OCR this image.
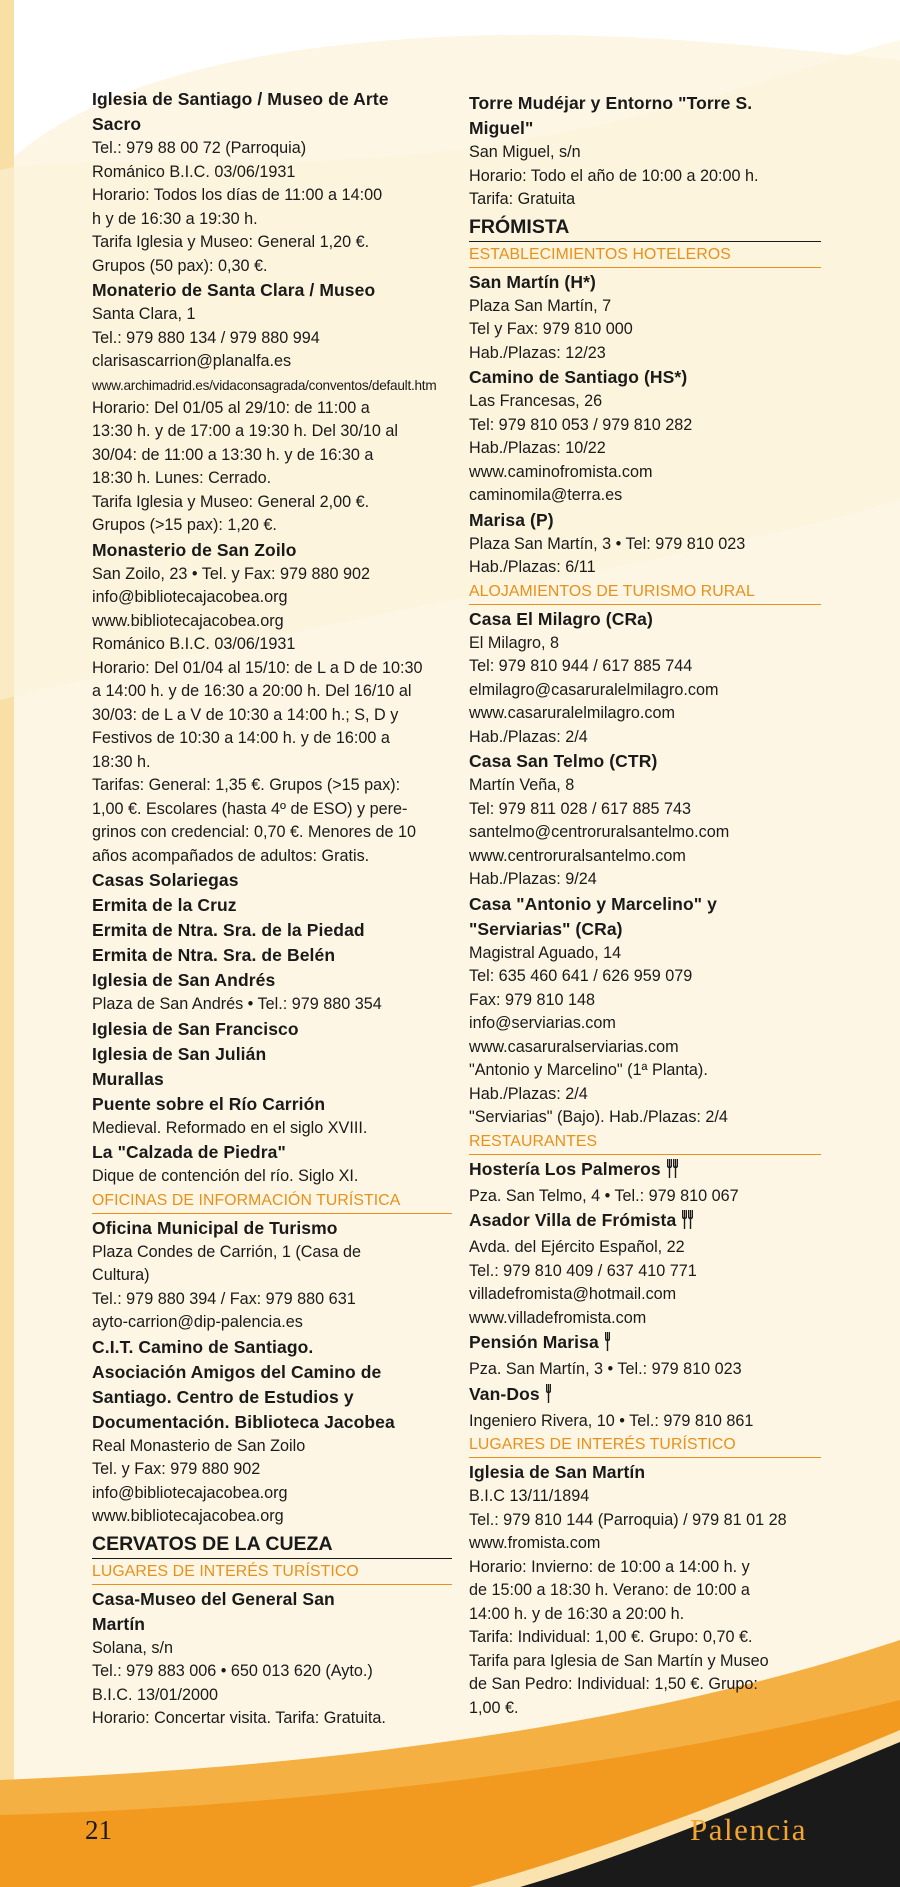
Iglesia de Santiago / Museo de Arte
Sacro
Tel.: 979 88 00 72 (Parroquia)
Románico B.I.C. 03/06/1931
Horario: Todos los días de 11:00 a 14:00
h y de 16:30 a 19:30 h.
Tarifa Iglesia y Museo: General 1,20 €.
Grupos (50 pax): 0,30 €.
Monaterio de Santa Clara / Museo
Santa Clara, 1
Tel.: 979 880 134 / 979 880 994
clarisascarrion@planalfa.es
www.archimadrid.es/vidaconsagrada/conventos/default.htm
Horario: Del 01/05 al 29/10: de 11:00 a
13:30 h. y de 17:00 a 19:30 h. Del 30/10 al
30/04: de 11:00 a 13:30 h. y de 16:30 a
18:30 h. Lunes: Cerrado.
Tarifa Iglesia y Museo: General 2,00 €.
Grupos (>15 pax): 1,20 €.
Monasterio de San Zoilo
San Zoilo, 23 • Tel. y Fax: 979 880 902
info@bibliotecajacobea.org
www.bibliotecajacobea.org
Románico B.I.C. 03/06/1931
Horario: Del 01/04 al 15/10: de L a D de 10:30
a 14:00 h. y de 16:30 a 20:00 h. Del 16/10 al
30/03: de L a V de 10:30 a 14:00 h.; S, D y
Festivos de 10:30 a 14:00 h. y de 16:00 a
18:30 h.
Tarifas: General: 1,35 €. Grupos (>15 pax):
1,00 €. Escolares (hasta 4º de ESO) y pere-
grinos con credencial: 0,70 €. Menores de 10
años acompañados de adultos: Gratis.
Casas Solariegas
Ermita de la Cruz
Ermita de Ntra. Sra. de la Piedad
Ermita de Ntra. Sra. de Belén
Iglesia de San Andrés
Plaza de San Andrés • Tel.: 979 880 354
Iglesia de San Francisco
Iglesia de San Julián
Murallas
Puente sobre el Río Carrión
Medieval. Reformado en el siglo XVIII.
La "Calzada de Piedra"
Dique de contención del río. Siglo XI.
OFICINAS DE INFORMACIÓN TURÍSTICA
Oficina Municipal de Turismo
Plaza Condes de Carrión, 1 (Casa de
Cultura)
Tel.: 979 880 394 / Fax: 979 880 631
ayto-carrion@dip-palencia.es
C.I.T. Camino de Santiago.
Asociación Amigos del Camino de
Santiago. Centro de Estudios y
Documentación. Biblioteca Jacobea
Real Monasterio de San Zoilo
Tel. y Fax: 979 880 902
info@bibliotecajacobea.org
www.bibliotecajacobea.org
CERVATOS DE LA CUEZA
LUGARES DE INTERÉS TURÍSTICO
Casa-Museo del General San
Martín
Solana, s/n
Tel.: 979 883 006 • 650 013 620 (Ayto.)
B.I.C. 13/01/2000
Horario: Concertar visita. Tarifa: Gratuita.
Torre Mudéjar y Entorno "Torre S.
Miguel"
San Miguel, s/n
Horario: Todo el año de 10:00 a 20:00 h.
Tarifa: Gratuita
FRÓMISTA
ESTABLECIMIENTOS HOTELEROS
San Martín (H*)
Plaza San Martín, 7
Tel y Fax: 979 810 000
Hab./Plazas: 12/23
Camino de Santiago (HS*)
Las Francesas, 26
Tel: 979 810 053 / 979 810 282
Hab./Plazas: 10/22
www.caminofromista.com
caminomila@terra.es
Marisa (P)
Plaza San Martín, 3 • Tel: 979 810 023
Hab./Plazas: 6/11
ALOJAMIENTOS DE TURISMO RURAL
Casa El Milagro (CRa)
El Milagro, 8
Tel: 979 810 944 / 617 885 744
elmilagro@casaruralelmilagro.com
www.casaruralelmilagro.com
Hab./Plazas: 2/4
Casa San Telmo (CTR)
Martín Veña, 8
Tel: 979 811 028 / 617 885 743
santelmo@centroruralsantelmo.com
www.centroruralsantelmo.com
Hab./Plazas: 9/24
Casa "Antonio y Marcelino" y
"Serviarias" (CRa)
Magistral Aguado, 14
Tel: 635 460 641 / 626 959 079
Fax: 979 810 148
info@serviarias.com
www.casaruralserviarias.com
"Antonio y Marcelino" (1ª Planta).
Hab./Plazas: 2/4
"Serviarias" (Bajo). Hab./Plazas: 2/4
RESTAURANTES
Hostería Los Palmeros
Pza. San Telmo, 4 • Tel.: 979 810 067
Asador Villa de Frómista
Avda. del Ejército Español, 22
Tel.: 979 810 409 / 637 410 771
villadefromista@hotmail.com
www.villadefromista.com
Pensión Marisa
Pza. San Martín, 3 • Tel.: 979 810 023
Van-Dos
Ingeniero Rivera, 10 • Tel.: 979 810 861
LUGARES DE INTERÉS TURÍSTICO
Iglesia de San Martín
B.I.C 13/11/1894
Tel.: 979 810 144 (Parroquia) / 979 81 01 28
www.fromista.com
Horario: Invierno: de 10:00 a 14:00 h. y
de 15:00 a 18:30 h. Verano: de 10:00 a
14:00 h. y de 16:30 a 20:00 h.
Tarifa: Individual: 1,00 €. Grupo: 0,70 €.
Tarifa para Iglesia de San Martín y Museo
de San Pedro: Individual: 1,50 €. Grupo:
1,00 €.
21	Palencia
